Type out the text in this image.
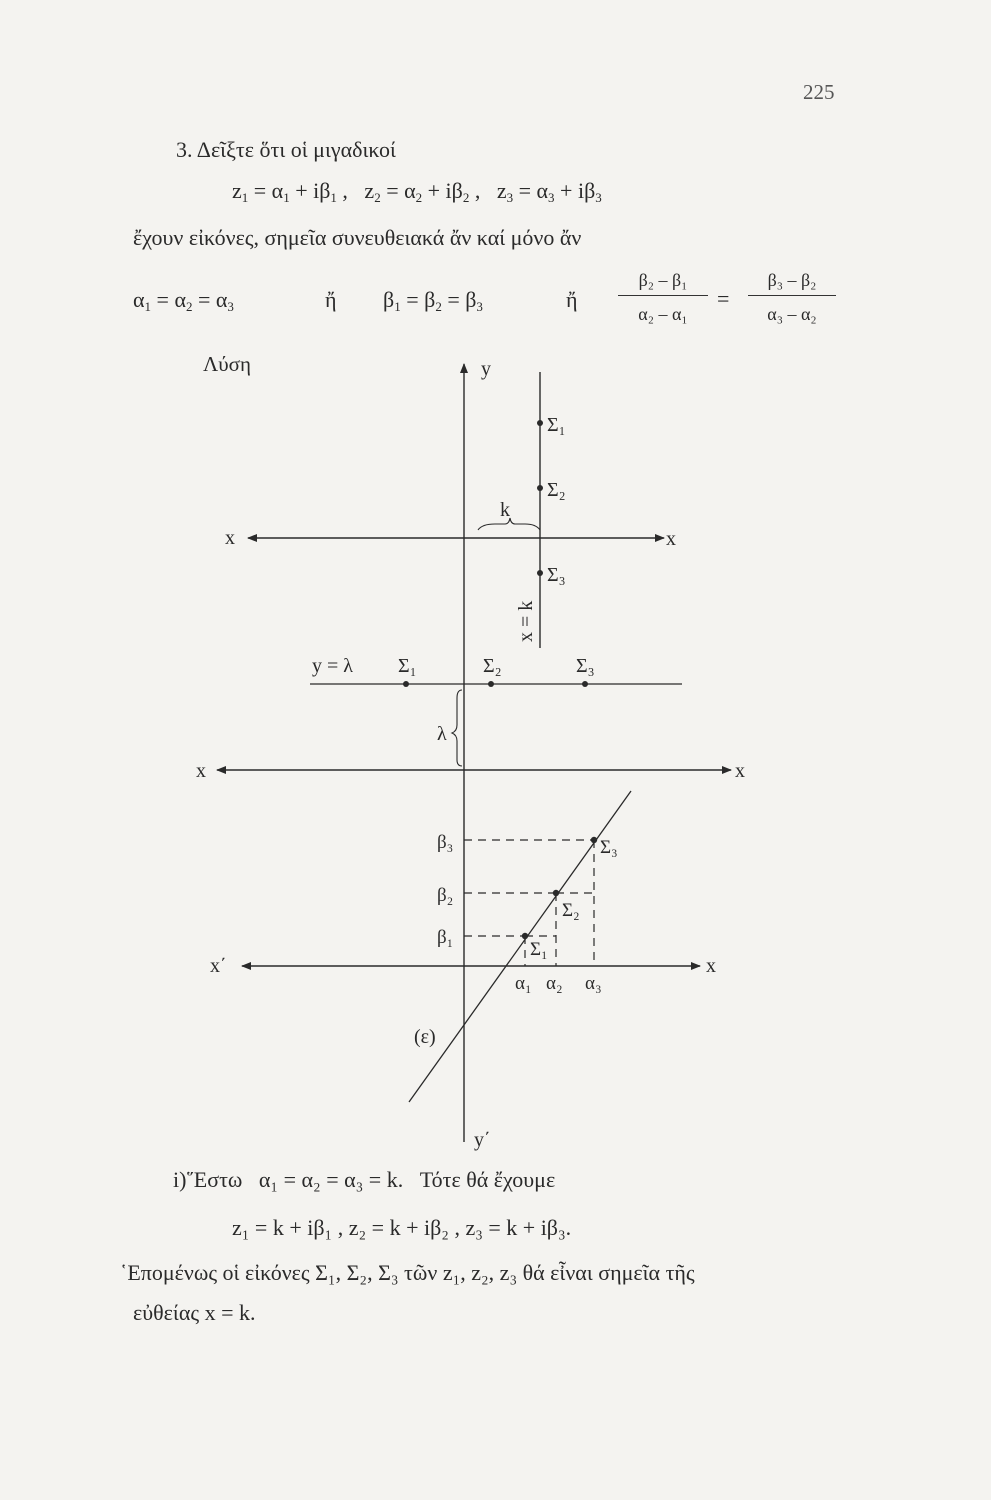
225
3. Δεῖξτε ὅτι οἱ μιγαδικοί
$z_1 = \alpha_1 + i\beta_1$ , $z_2 = \alpha_2 + i\beta_2$ , $z_3 = \alpha_3 + i\beta_3$
ἔχουν εἰκόνες, σημεῖα συνευθειακά ἄν καί μόνο ἄν
$\alpha_1 = \alpha_2 = \alpha_3$	ἤ $\beta_1 = \beta_2 = \beta_3$	ἤ $\frac{\text{β₂ – β₁}}{\text{α₂ – α₁}} = \frac{\text{β₃ – β₂}}{\text{α₃ – α₂}}$
Λύση	y
x	x
k
Σ₁
Σ₂
Σ₃
x = k
y = λ Σ₁	Σ₂	Σ₃
λ
x	x
x΄	x
(ε)
Σ₃
Σ₂
Σ₁
β₃
β₂
β₁
α₁ α₂ α₃
y΄
i)῞Εστω α₁ = α₂ = α₃ = k. Τότε θά ἔχουμε
z₁ = k + iβ₁ , z₂ = k + iβ₂ , z₃ = k + iβ₃.
῾Επομένως οἱ εἰκόνες Σ₁, Σ₂, Σ₃ τῶν z₁, z₂, z₃ θά εἶναι σημεῖα τῆς
εὐθείας x = k.
